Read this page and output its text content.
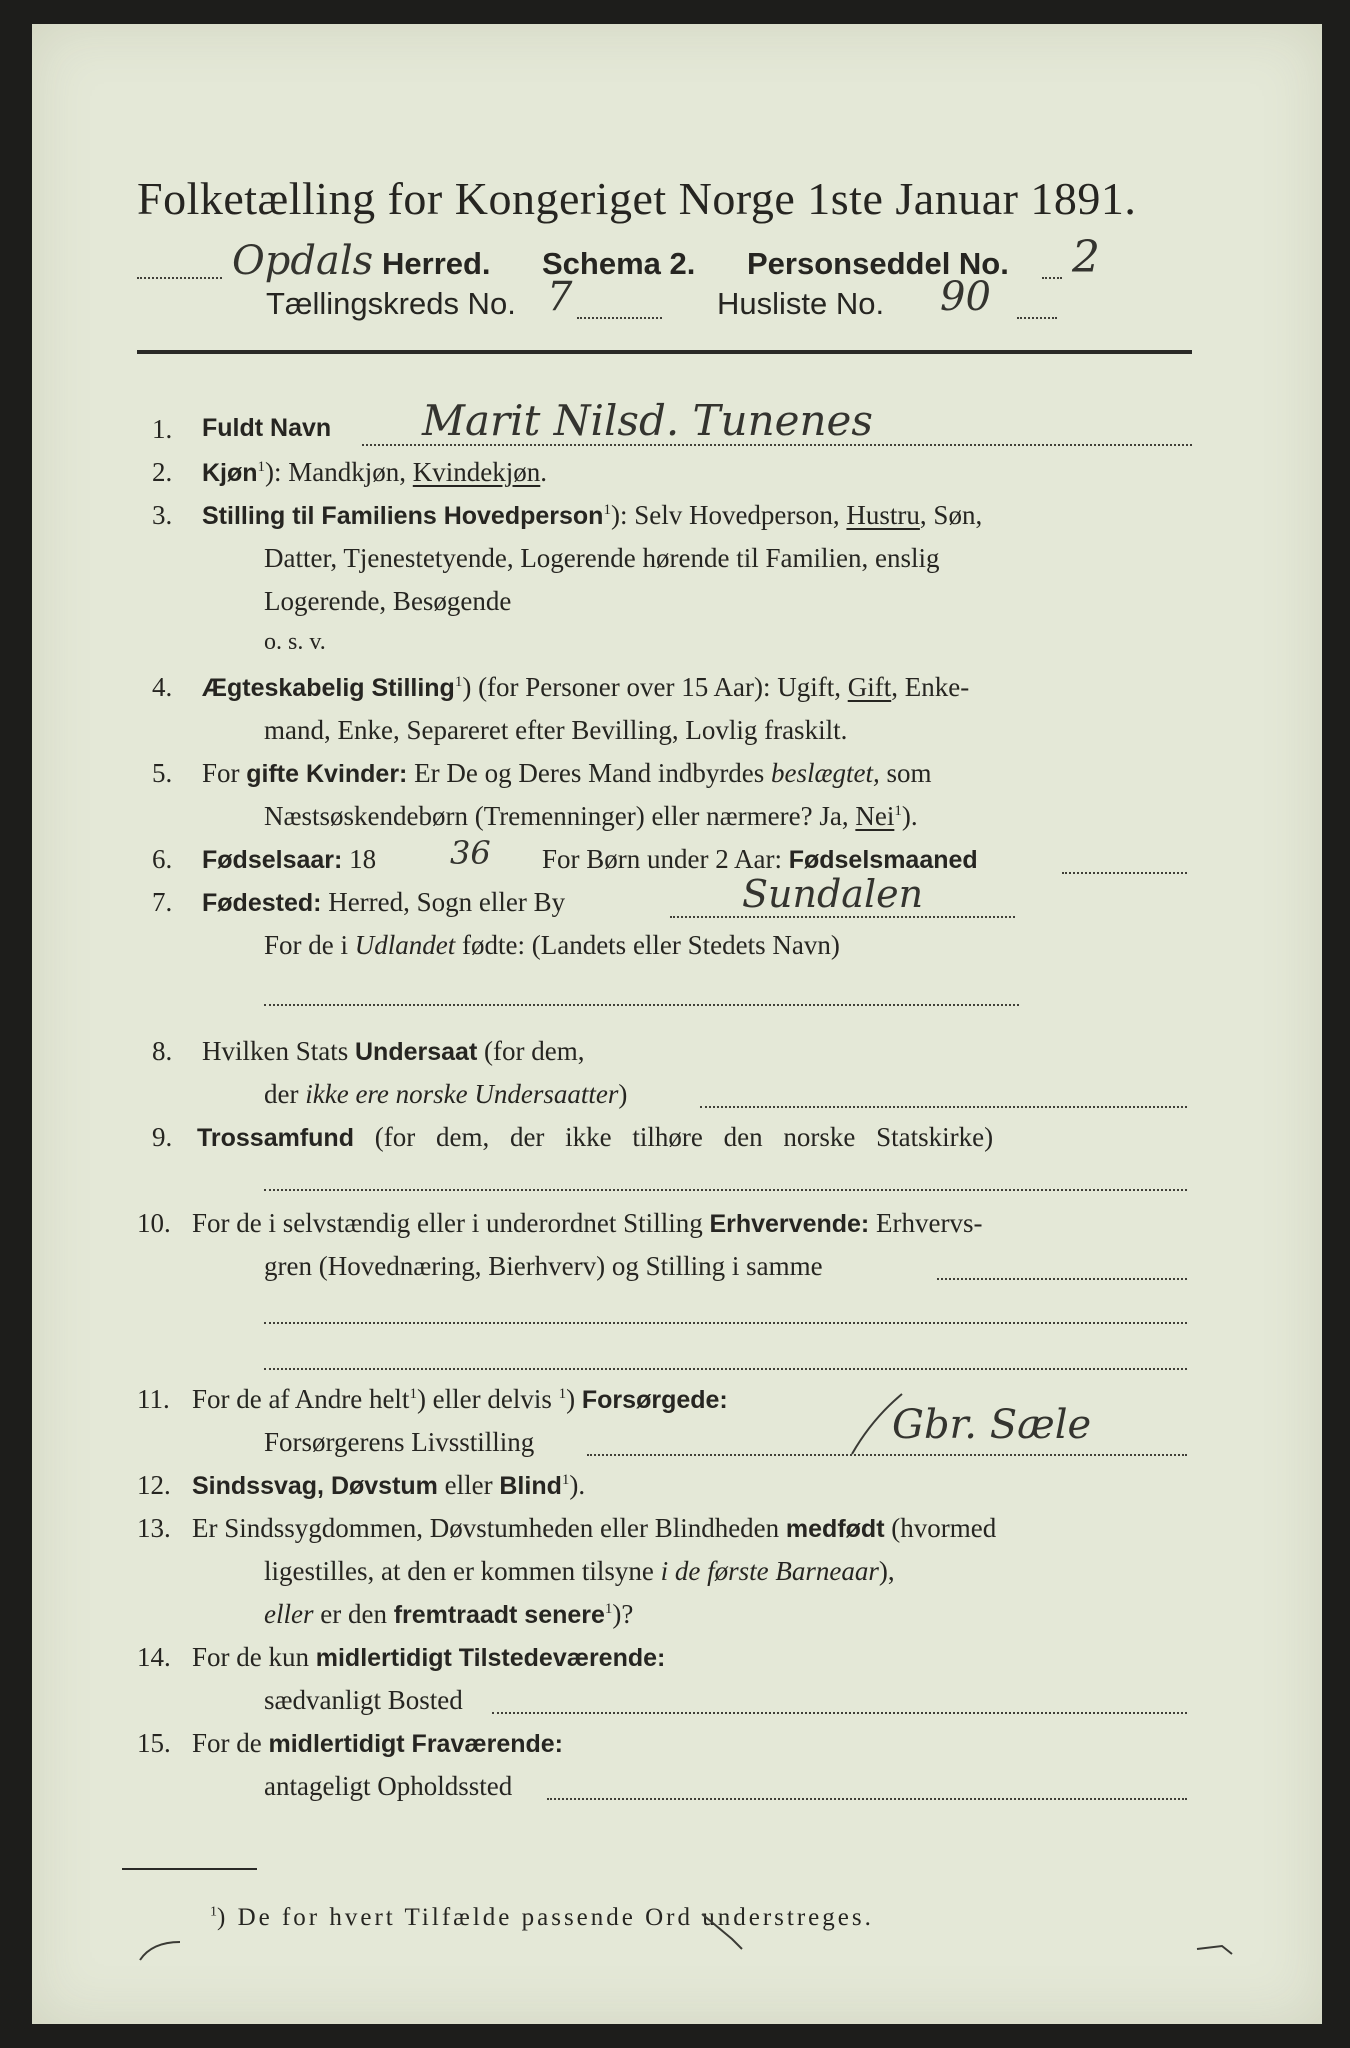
Folketælling for Kongeriget Norge 1ste Januar 1891.
Opdals Herred. Schema 2. Personseddel No. 2
Tællingskreds No. 7	Husliste No. 90
1. Fuldt Navn Marit Nilsd. Tunenes
2. Kjøn$^1$): Mandkjøn, Kvindekjøn.
3. Stilling til Familiens Hovedperson$^1$): Selv Hovedperson, Hustru, Søn,
Datter, Tjenestetyende, Logerende hørende til Familien, enslig
Logerende, Besøgende
o. s. v.
4. Ægteskabelig Stilling$^1$) (for Personer over 15 Aar): Ugift, Gift, Enke-
mand, Enke, Separeret efter Bevilling, Lovlig fraskilt.
5. For gifte Kvinder: Er De og Deres Mand indbyrdes beslægtet, som
Næstsøskendebørn (Tremenninger) eller nærmere? Ja, Nei$^1$).
6. Fødselsaar: 18 36 For Børn under 2 Aar: Fødselsmaaned
7. Fødested: Herred, Sogn eller By	Sundalen
For de i Udlandet fødte: (Landets eller Stedets Navn)
8. Hvilken Stats Undersaat (for dem,
der ikke ere norske Undersaatter)
9. Trossamfund (for dem, der ikke tilhøre den norske Statskirke)
10. For de i selvstændig eller i underordnet Stilling Erhvervende: Erhvervs-
gren (Hovednæring, Bierhverv) og Stilling i samme
11. For de af Andre helt$^1$) eller delvis $^1$) Forsørgede:
Forsørgerens Livsstilling	Gbr. Sæle
12. Sindssvag, Døvstum eller Blind$^1$).
13. Er Sindssygdommen, Døvstumheden eller Blindheden medfødt (hvormed
ligestilles, at den er kommen tilsyne i de første Barneaar),
eller er den fremtraadt senere$^1$)?
14. For de kun midlertidigt Tilstedeværende:
sædvanligt Bosted
15. For de midlertidigt Fraværende:
antageligt Opholdssted
$^1$) De for hvert Tilfælde passende Ord understreges.
